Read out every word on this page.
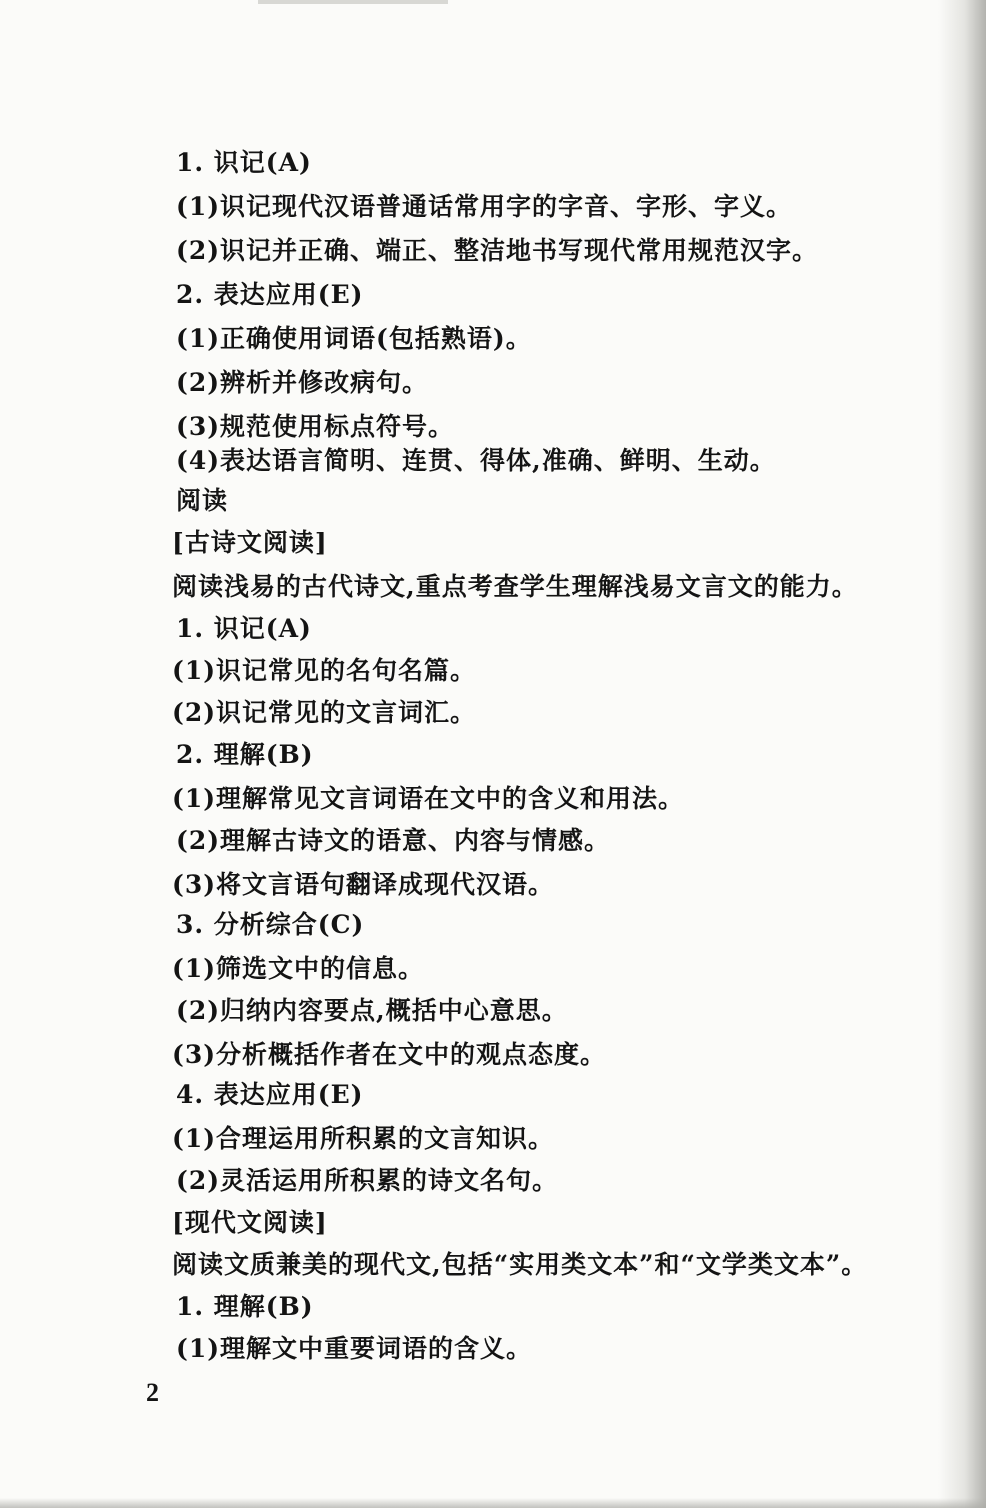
1. 识记(A)
(1)识记现代汉语普通话常用字的字音、字形、字义。
(2)识记并正确、端正、整洁地书写现代常用规范汉字。
2. 表达应用(E)
(1)正确使用词语(包括熟语)。
(2)辨析并修改病句。
(3)规范使用标点符号。
(4)表达语言简明、连贯、得体,准确、鲜明、生动。
阅读
[古诗文阅读]
阅读浅易的古代诗文,重点考查学生理解浅易文言文的能力。
1. 识记(A)
(1)识记常见的名句名篇。
(2)识记常见的文言词汇。
2. 理解(B)
(1)理解常见文言词语在文中的含义和用法。
(2)理解古诗文的语意、内容与情感。
(3)将文言语句翻译成现代汉语。
3. 分析综合(C)
(1)筛选文中的信息。
(2)归纳内容要点,概括中心意思。
(3)分析概括作者在文中的观点态度。
4. 表达应用(E)
(1)合理运用所积累的文言知识。
(2)灵活运用所积累的诗文名句。
[现代文阅读]
阅读文质兼美的现代文,包括“实用类文本”和“文学类文本”。
1. 理解(B)
(1)理解文中重要词语的含义。
2
